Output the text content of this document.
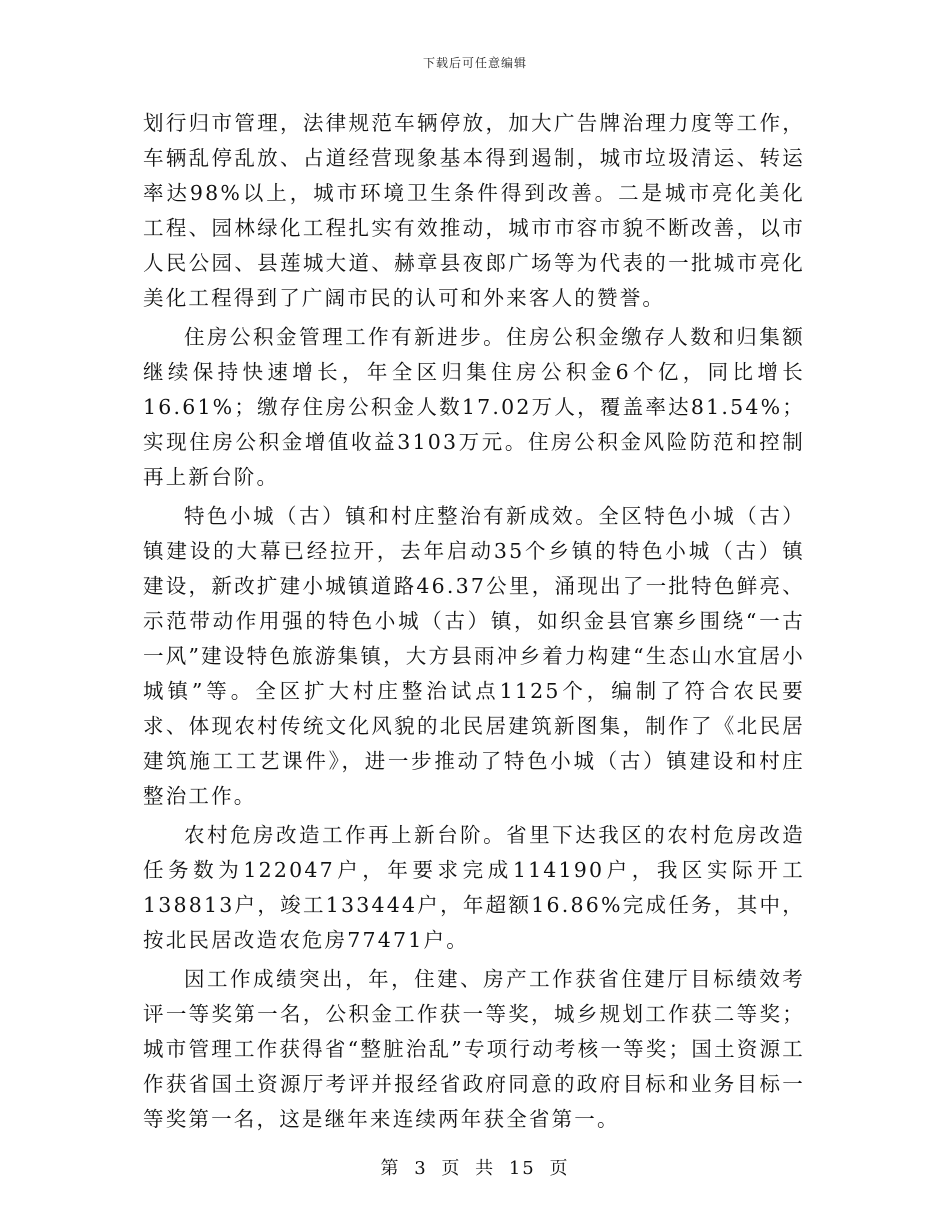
下载后可任意编辑

划行归市管理，法律规范车辆停放，加大广告牌治理力度等工作，车辆乱停乱放、占道经营现象基本得到遏制，城市垃圾清运、转运率达98%以上，城市环境卫生条件得到改善。二是城市亮化美化工程、园林绿化工程扎实有效推动，城市市容市貌不断改善，以市人民公园、县莲城大道、赫章县夜郎广场等为代表的一批城市亮化美化工程得到了广阔市民的认可和外来客人的赞誉。

住房公积金管理工作有新进步。住房公积金缴存人数和归集额继续保持快速增长，年全区归集住房公积金6个亿，同比增长16.61%；缴存住房公积金人数17.02万人，覆盖率达81.54%；实现住房公积金增值收益3103万元。住房公积金风险防范和控制再上新台阶。

特色小城（古）镇和村庄整治有新成效。全区特色小城（古）镇建设的大幕已经拉开，去年启动35个乡镇的特色小城（古）镇建设，新改扩建小城镇道路46.37公里，涌现出了一批特色鲜亮、示范带动作用强的特色小城（古）镇，如织金县官寨乡围绕“一古一风”建设特色旅游集镇，大方县雨冲乡着力构建“生态山水宜居小城镇”等。全区扩大村庄整治试点1125个，编制了符合农民要求、体现农村传统文化风貌的北民居建筑新图集，制作了《北民居建筑施工工艺课件》，进一步推动了特色小城（古）镇建设和村庄整治工作。

农村危房改造工作再上新台阶。省里下达我区的农村危房改造任务数为122047户，年要求完成114190户，我区实际开工138813户，竣工133444户，年超额16.86%完成任务，其中，按北民居改造农危房77471户。

因工作成绩突出，年，住建、房产工作获省住建厅目标绩效考评一等奖第一名，公积金工作获一等奖，城乡规划工作获二等奖；城市管理工作获得省“整脏治乱”专项行动考核一等奖；国土资源工作获省国土资源厅考评并报经省政府同意的政府目标和业务目标一等奖第一名，这是继年来连续两年获全省第一。

第 3 页 共 15 页
